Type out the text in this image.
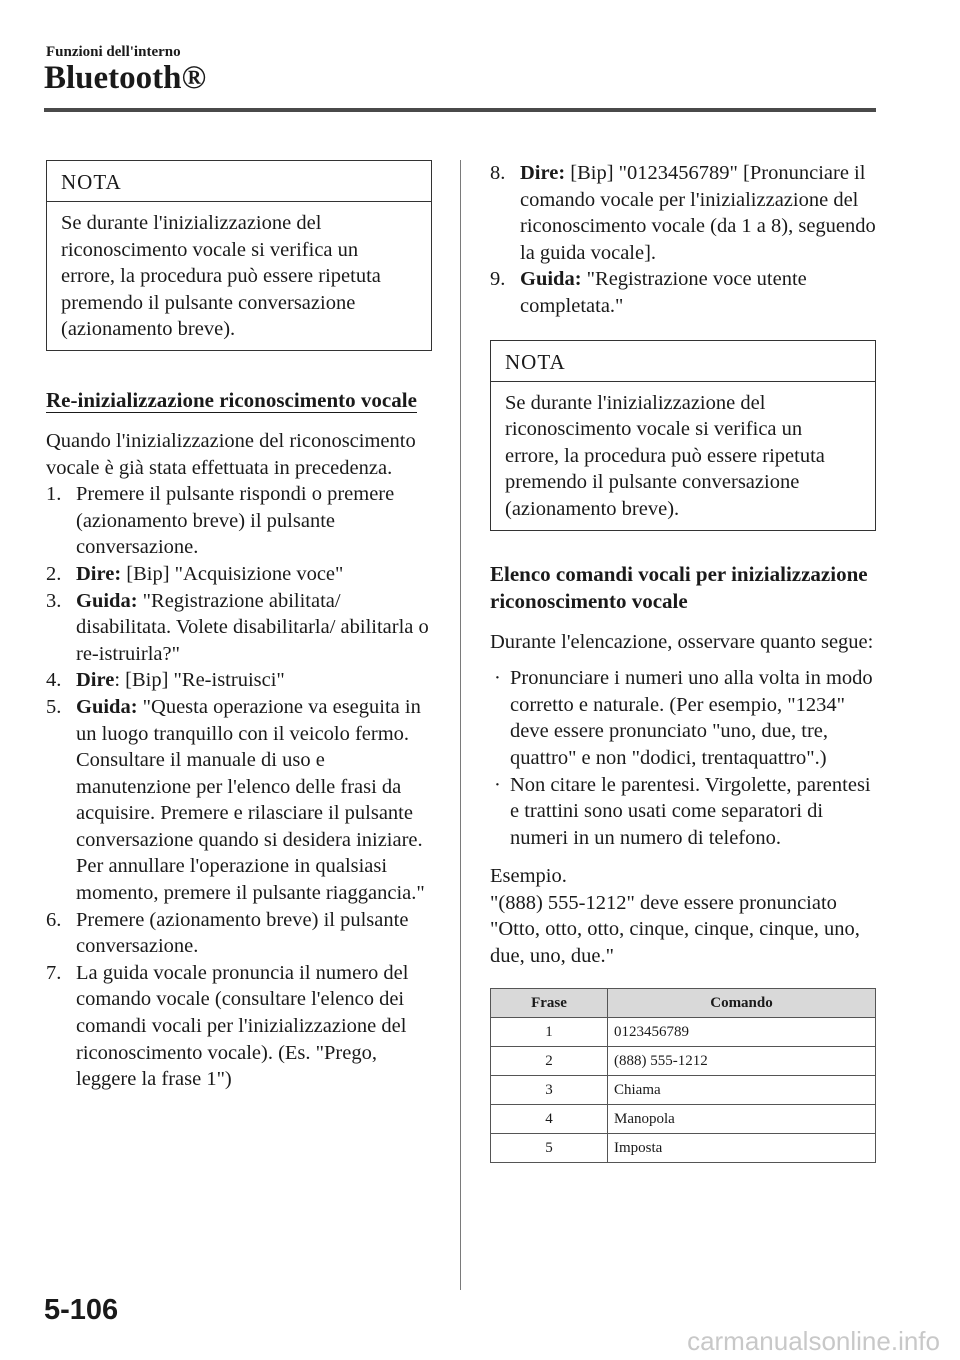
Funzioni dell'interno
Bluetooth®
NOTA
Se durante l'inizializzazione del riconoscimento vocale si verifica un errore, la procedura può essere ripetuta premendo il pulsante conversazione (azionamento breve).
Re-inizializzazione riconoscimento vocale

Quando l'inizializzazione del riconoscimento vocale è già stata effettuata in precedenza.

1. Premere il pulsante rispondi o premere (azionamento breve) il pulsante conversazione.
2. Dire: [Bip] "Acquisizione voce"
3. Guida: "Registrazione abilitata/ disabilitata. Volete disabilitarla/ abilitarla o re-istruirla?"
4. Dire: [Bip] "Re-istruisci"
5. Guida: "Questa operazione va eseguita in un luogo tranquillo con il veicolo fermo. Consultare il manuale di uso e manutenzione per l'elenco delle frasi da acquisire. Premere e rilasciare il pulsante conversazione quando si desidera iniziare. Per annullare l'operazione in qualsiasi momento, premere il pulsante riaggancia."
6. Premere (azionamento breve) il pulsante conversazione.
7. La guida vocale pronuncia il numero del comando vocale (consultare l'elenco dei comandi vocali per l'inizializzazione del riconoscimento vocale). (Es. "Prego, leggere la frase 1")
8. Dire: [Bip] "0123456789" [Pronunciare il comando vocale per l'inizializzazione del riconoscimento vocale (da 1 a 8), seguendo la guida vocale].
9. Guida: "Registrazione voce utente completata."
NOTA
Se durante l'inizializzazione del riconoscimento vocale si verifica un errore, la procedura può essere ripetuta premendo il pulsante conversazione (azionamento breve).
Elenco comandi vocali per inizializzazione riconoscimento vocale

Durante l'elencazione, osservare quanto segue:

· Pronunciare i numeri uno alla volta in modo corretto e naturale. (Per esempio, "1234" deve essere pronunciato "uno, due, tre, quattro" e non "dodici, trentaquattro".)
· Non citare le parentesi. Virgolette, parentesi e trattini sono usati come separatori di numeri in un numero di telefono.

Esempio.

"(888) 555-1212" deve essere pronunciato "Otto, otto, otto, cinque, cinque, cinque, uno, due, uno, due."

Frase	Comando
1	0123456789
2	(888) 555-1212
3	Chiama
4	Manopola
5	Imposta
5-106
carmanualsonline.info
